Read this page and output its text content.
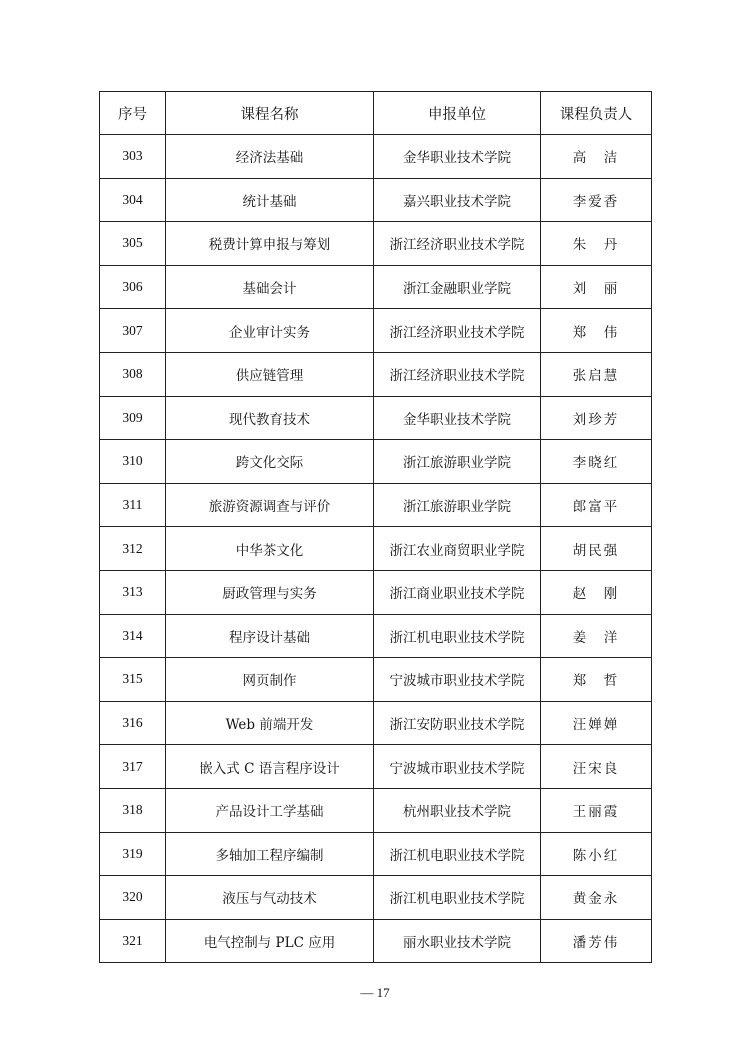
序号	课程名称	申报单位	课程负责人
303	经济法基础	金华职业技术学院	高　洁
304	统计基础	嘉兴职业技术学院	李爱香
305	税费计算申报与筹划	浙江经济职业技术学院	朱　丹
306	基础会计	浙江金融职业学院	刘　丽
307	企业审计实务	浙江经济职业技术学院	郑　伟
308	供应链管理	浙江经济职业技术学院	张启慧
309	现代教育技术	金华职业技术学院	刘珍芳
310	跨文化交际	浙江旅游职业学院	李晓红
311	旅游资源调查与评价	浙江旅游职业学院	郎富平
312	中华茶文化	浙江农业商贸职业学院	胡民强
313	厨政管理与实务	浙江商业职业技术学院	赵　刚
314	程序设计基础	浙江机电职业技术学院	姜　洋
315	网页制作	宁波城市职业技术学院	郑　哲
316	Web 前端开发	浙江安防职业技术学院	汪婵婵
317	嵌入式 C 语言程序设计	宁波城市职业技术学院	汪宋良
318	产品设计工学基础	杭州职业技术学院	王丽霞
319	多轴加工程序编制	浙江机电职业技术学院	陈小红
320	液压与气动技术	浙江机电职业技术学院	黄金永
321	电气控制与 PLC 应用	丽水职业技术学院	潘芳伟
— 17
